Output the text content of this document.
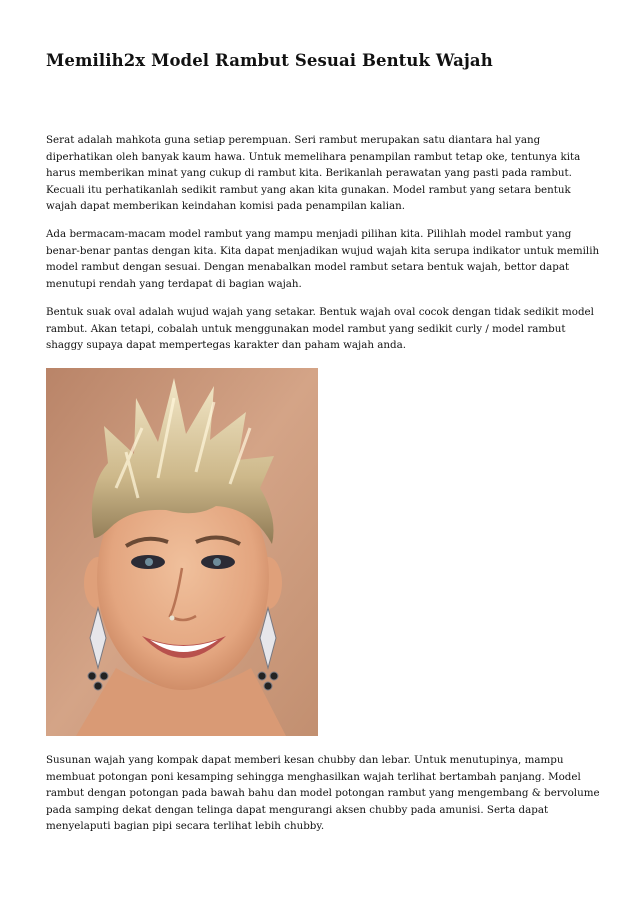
Memilih2x Model Rambut Sesuai Bentuk Wajah

Serat adalah mahkota guna setiap perempuan. Seri rambut merupakan satu diantara hal yang diperhatikan oleh banyak kaum hawa. Untuk memelihara penampilan rambut tetap oke, tentunya kita harus memberikan minat yang cukup di rambut kita. Berikanlah perawatan yang pasti pada rambut. Kecuali itu perhatikanlah sedikit rambut yang akan kita gunakan. Model rambut yang setara bentuk wajah dapat memberikan keindahan komisi pada penampilan kalian.

Ada bermacam-macam model rambut yang mampu menjadi pilihan kita. Pilihlah model rambut yang benar-benar pantas dengan kita. Kita dapat menjadikan wujud wajah kita serupa indikator untuk memilih model rambut dengan sesuai. Dengan menabalkan model rambut setara bentuk wajah, bettor dapat menutupi rendah yang terdapat di bagian wajah.

Bentuk suak oval adalah wujud wajah yang setakar. Bentuk wajah oval cocok dengan tidak sedikit model rambut. Akan tetapi, cobalah untuk menggunakan model rambut yang sedikit curly / model rambut shaggy supaya dapat mempertegas karakter dan paham wajah anda.

Susunan wajah yang kompak dapat memberi kesan chubby dan lebar. Untuk menutupinya, mampu membuat potongan poni kesamping sehingga menghasilkan wajah terlihat bertambah panjang. Model rambut dengan potongan pada bawah bahu dan model potongan rambut yang mengembang & bervolume pada samping dekat dengan telinga dapat mengurangi aksen chubby pada amunisi. Serta dapat menyelaputi bagian pipi secara terlihat lebih chubby.
